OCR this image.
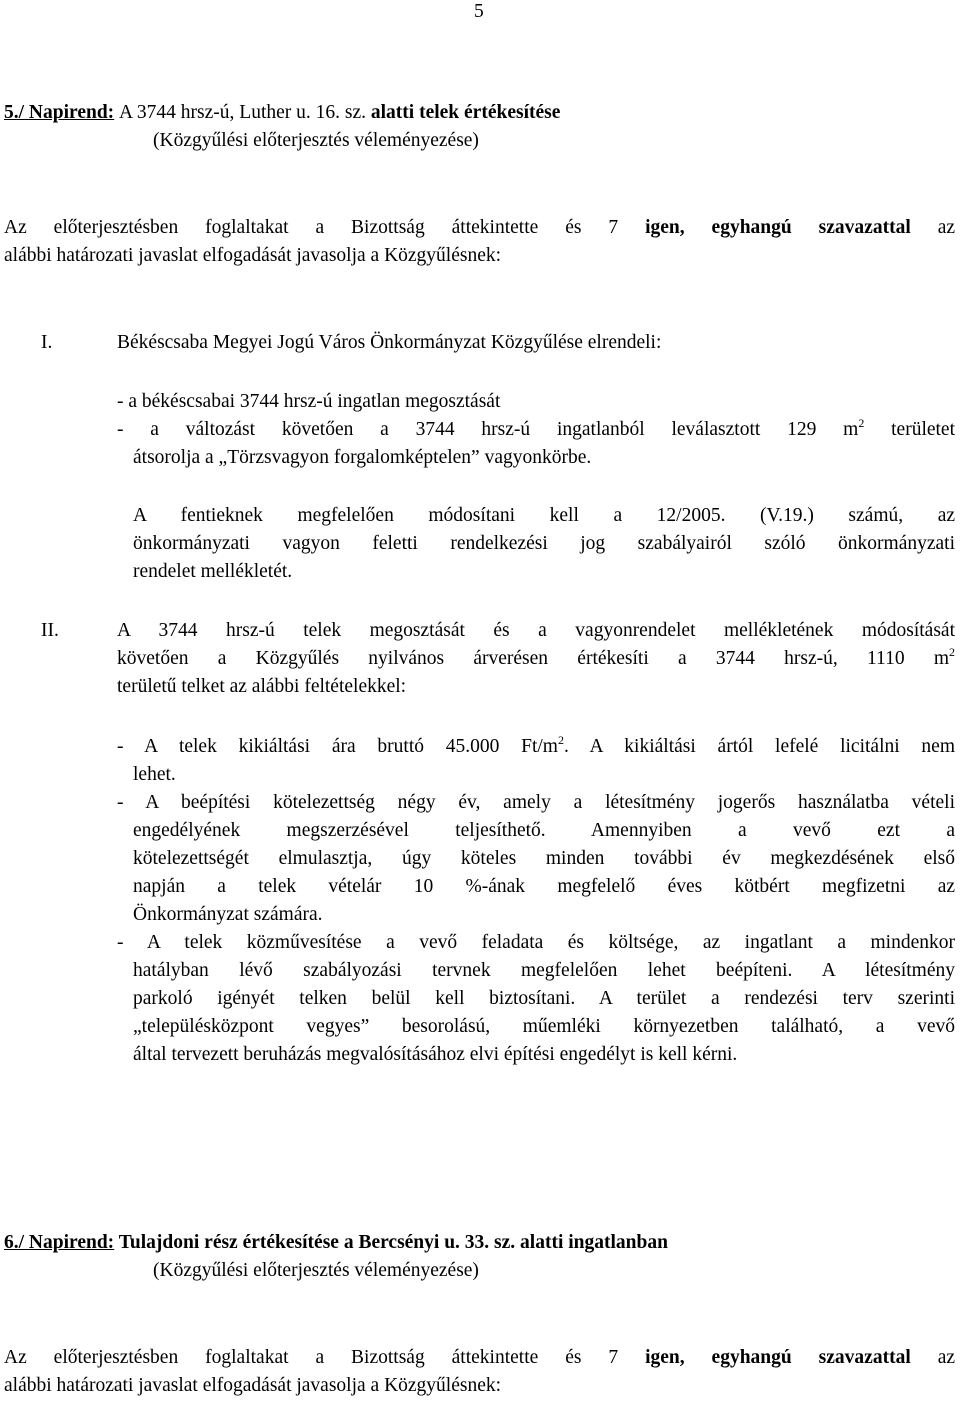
5
5./ Napirend: A 3744 hrsz-ú, Luther u. 16. sz. alatti telek értékesítése
(Közgyűlési előterjesztés véleményezése)
Az előterjesztésben foglaltakat a Bizottság áttekintette és 7 igen, egyhangú szavazattal az
alábbi határozati javaslat elfogadását javasolja a Közgyűlésnek:
I.	Békéscsaba Megyei Jogú Város Önkormányzat Közgyűlése elrendeli:
- a békéscsabai 3744 hrsz-ú ingatlan megosztását
- a változást követően a 3744 hrsz-ú ingatlanból leválasztott 129 $m^2$ területet
átsorolja a „Törzsvagyon forgalomképtelen” vagyonkörbe.
A fentieknek megfelelően módosítani kell a 12/2005. (V.19.) számú, az
önkormányzati vagyon feletti rendelkezési jog szabályairól szóló önkormányzati
rendelet mellékletét.
II.	A 3744 hrsz-ú telek megosztását és a vagyonrendelet mellékletének módosítását
követően a Közgyűlés nyilvános árverésen értékesíti a 3744 hrsz-ú, 1110 $m^2$
területű telket az alábbi feltételekkel:
- A telek kikiáltási ára bruttó 45.000 $Ft/m^2$. A kikiáltási ártól lefelé licitálni nem
lehet.
- A beépítési kötelezettség négy év, amely a létesítmény jogerős használatba vételi
engedélyének megszerzésével teljesíthető. Amennyiben a vevő ezt a
kötelezettségét elmulasztja, úgy köteles minden további év megkezdésének első
napján a telek vételár 10 %-ának megfelelő éves kötbért megfizetni az
Önkormányzat számára.
- A telek közművesítése a vevő feladata és költsége, az ingatlant a mindenkor
hatályban lévő szabályozási tervnek megfelelően lehet beépíteni. A létesítmény
parkoló igényét telken belül kell biztosítani. A terület a rendezési terv szerinti
„településközpont vegyes” besorolású, műemléki környezetben található, a vevő
által tervezett beruházás megvalósításához elvi építési engedélyt is kell kérni.
6./ Napirend: Tulajdoni rész értékesítése a Bercsényi u. 33. sz. alatti ingatlanban
(Közgyűlési előterjesztés véleményezése)
Az előterjesztésben foglaltakat a Bizottság áttekintette és 7 igen, egyhangú szavazattal az
alábbi határozati javaslat elfogadását javasolja a Közgyűlésnek:
